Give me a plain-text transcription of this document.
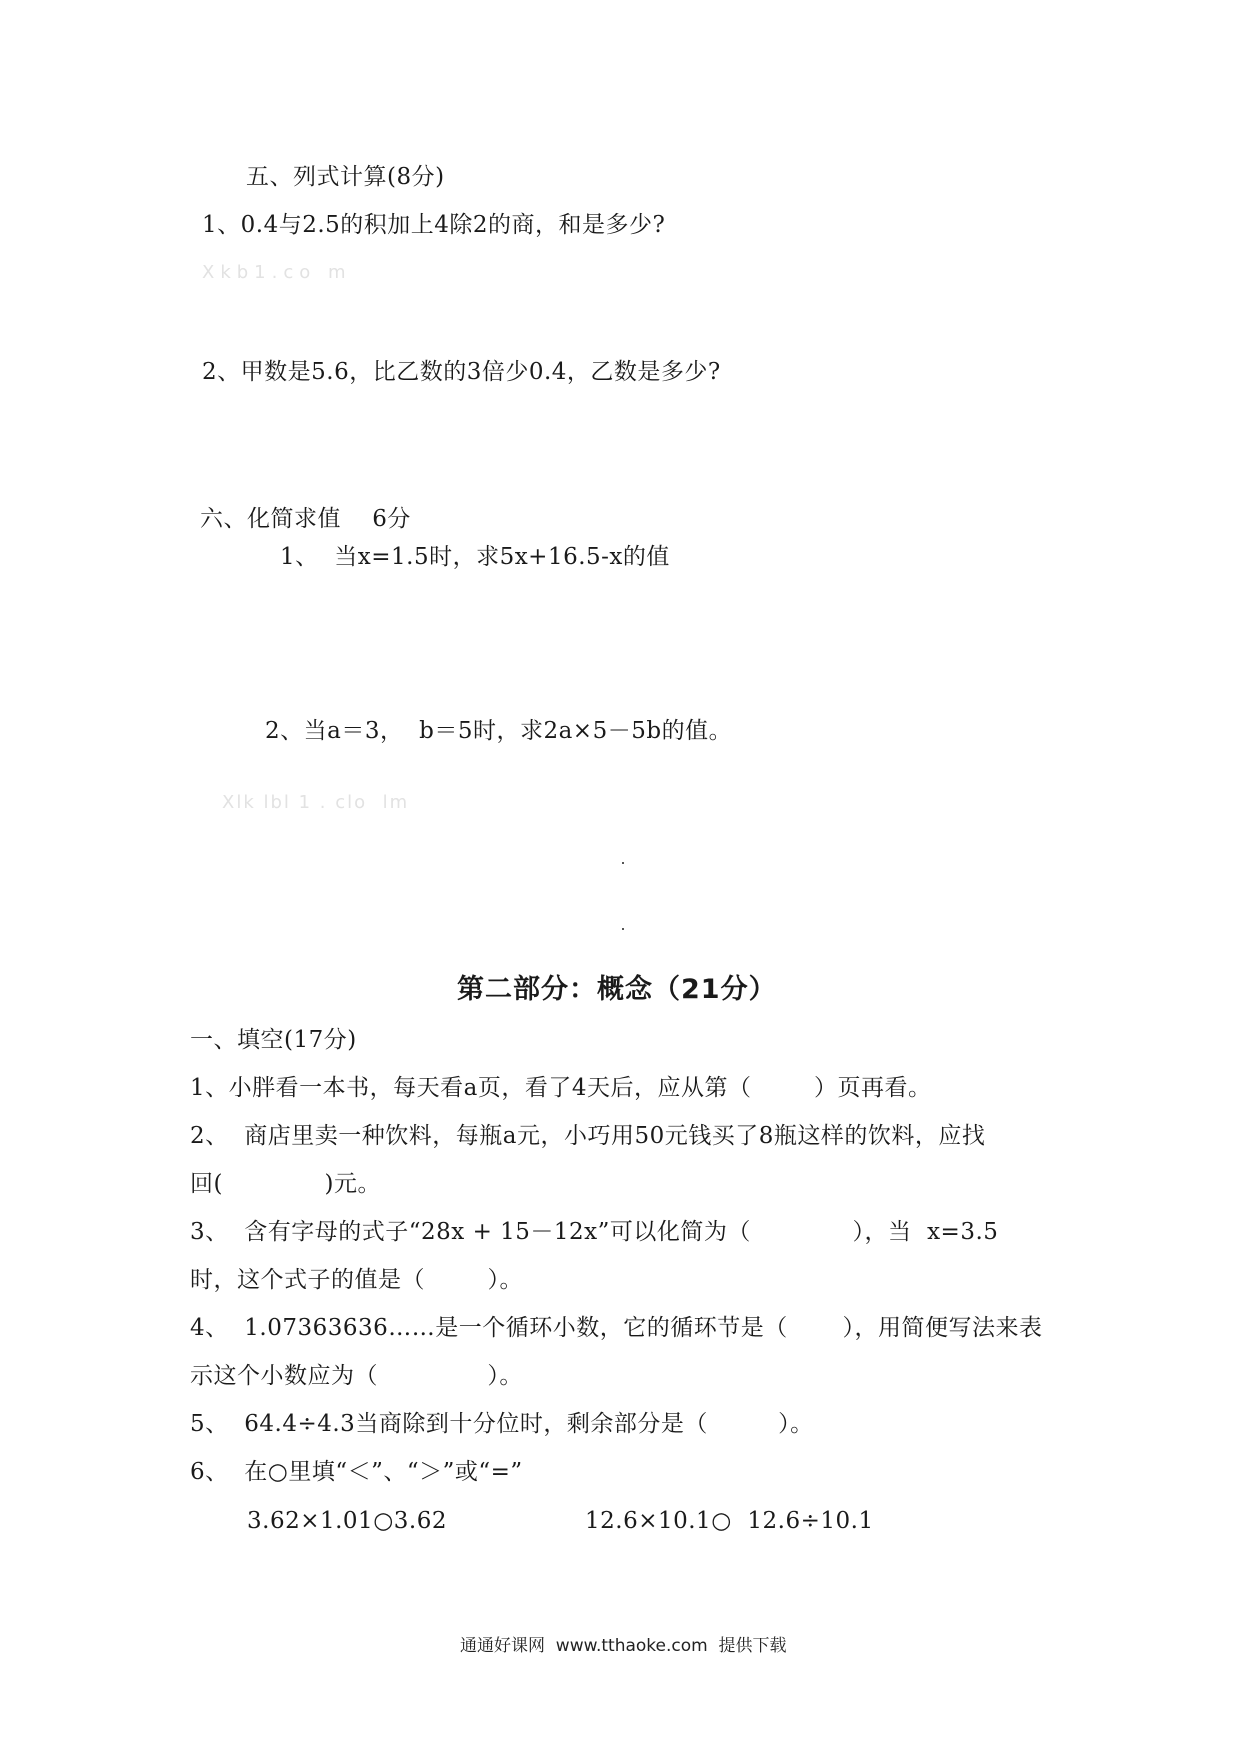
五、列式计算(8分)
1、0.4与2.5的积加上4除2的商，和是多少?
Xkb1.co m
2、甲数是5.6，比乙数的3倍少0.4，乙数是多少?
六、化简求值    6分
1、  当x=1.5时，求5x+16.5-x的值
2、当a＝3，  b＝5时，求2a×5－5b的值。
Xlk lbl 1 . clo  lm
第二部分：概念（21分）
一、填空(17分)
1、小胖看一本书，每天看a页，看了4天后，应从第（        ）页再看。
2、  商店里卖一种饮料，每瓶a元，小巧用50元钱买了8瓶这样的饮料，应找
回(             )元。
3、  含有字母的式子“28x + 15－12x”可以化简为（             ），当  x=3.5
时，这个式子的值是（        ）。
4、  1.07363636……是一个循环小数，它的循环节是（       ），用简便写法来表
示这个小数应为（              ）。
5、  64.4÷4.3当商除到十分位时，剩余部分是（         ）。
6、  在○里填“＜”、“＞”或“=”
3.62×1.01○3.62	12.6×10.1○  12.6÷10.1
通通好课网  www.tthaoke.com  提供下载
